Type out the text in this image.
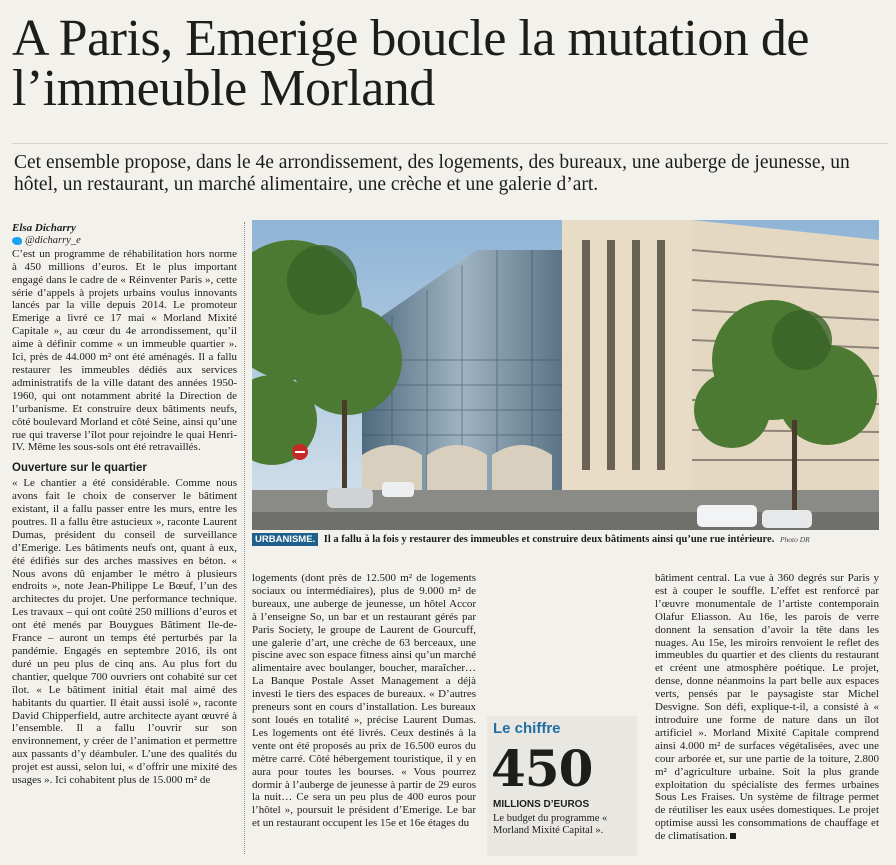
A Paris, Emerige boucle la mutation de l’immeuble Morland

Cet ensemble propose, dans le 4e arrondissement, des logements, des bureaux, une auberge de jeunesse, un hôtel, un restaurant, un marché alimentaire, une crèche et une galerie d’art.

Elsa Dicharry

@dicharry_e

C’est un programme de réhabilitation hors norme à 450 millions d’euros. Et le plus important engagé dans le cadre de « Réinventer Paris », cette série d’appels à projets urbains voulus innovants lancés par la ville depuis 2014. Le promoteur Emerige a livré ce 17 mai « Morland Mixité Capitale », au cœur du 4e arrondissement, qu’il aime à définir comme « un immeuble quartier ». Ici, près de 44.000 m² ont été aménagés. Il a fallu restaurer les immeubles dédiés aux services administratifs de la ville datant des années 1950-1960, qui ont notamment abrité la Direction de l’urbanisme. Et construire deux bâtiments neufs, côté boulevard Morland et côté Seine, ainsi qu’une rue qui traverse l’îlot pour rejoindre le quai Henri-IV. Même les sous-sols ont été retravaillés.

Ouverture sur le quartier

« Le chantier a été considérable. Comme nous avons fait le choix de conserver le bâtiment existant, il a fallu passer entre les murs, entre les poutres. Il a fallu être astucieux », raconte Laurent Dumas, président du conseil de surveillance d’Emerige. Les bâtiments neufs ont, quant à eux, été édifiés sur des arches massives en béton. « Nous avons dû enjamber le métro à plusieurs endroits », note Jean-Philippe Le Bœuf, l’un des architectes du projet. Une performance technique. Les travaux – qui ont coûté 250 millions d’euros et ont été menés par Bouygues Bâtiment Ile-de-France – auront un temps été perturbés par la pandémie. Engagés en septembre 2016, ils ont duré un peu plus de cinq ans. Au plus fort du chantier, quelque 700 ouvriers ont cohabité sur cet îlot. « Le bâtiment initial était mal aimé des habitants du quartier. Il était aussi isolé », raconte David Chipperfield, autre architecte ayant œuvré à l’ensemble. Il a fallu l’ouvrir sur son environnement, y créer de l’animation et permettre aux passants d’y déambuler. L’une des qualités du projet est aussi, selon lui, « d’offrir une mixité des usages ». Ici cohabitent plus de 15.000 m² de

URBANISME. Il a fallu à la fois y restaurer des immeubles et construire deux bâtiments ainsi qu’une rue intérieure. Photo DR

logements (dont près de 12.500 m² de logements sociaux ou intermédiaires), plus de 9.000 m² de bureaux, une auberge de jeunesse, un hôtel Accor à l’enseigne So, un bar et un restaurant gérés par Paris Society, le groupe de Laurent de Gourcuff, une galerie d’art, une crèche de 63 berceaux, une piscine avec son espace fitness ainsi qu’un marché alimentaire avec boulanger, boucher, maraîcher… La Banque Postale Asset Management a déjà investi le tiers des espaces de bureaux. « D’autres preneurs sont en cours d’installation. Les bureaux sont loués en totalité », précise Laurent Dumas. Les logements ont été livrés. Ceux destinés à la vente ont été proposés au prix de 16.500 euros du mètre carré. Côté hébergement touristique, il y en aura pour toutes les bourses. « Vous pourrez dormir à l’auberge de jeunesse à partir de 29 euros la nuit… Ce sera un peu plus de 400 euros pour l’hôtel », poursuit le président d’Emerige. Le bar et un restaurant occupent les 15e et 16e étages du

Le chiffre
450
MILLIONS D’EUROS
Le budget du programme « Morland Mixité Capital ».

bâtiment central. La vue à 360 degrés sur Paris y est à couper le souffle. L’effet est renforcé par l’œuvre monumentale de l’artiste contemporain Olafur Eliasson. Au 16e, les parois de verre donnent la sensation d’avoir la tête dans les nuages. Au 15e, les miroirs renvoient le reflet des immeubles du quartier et des clients du restaurant et créent une atmosphère poétique. Le projet, dense, donne néanmoins la part belle aux espaces verts, pensés par le paysagiste star Michel Desvigne. Son défi, explique-t-il, a consisté à « introduire une forme de nature dans un îlot artificiel ». Morland Mixité Capitale comprend ainsi 4.000 m² de surfaces végétalisées, avec une cour arborée et, sur une partie de la toiture, 2.800 m² d’agriculture urbaine. Soit la plus grande exploitation du spécialiste des fermes urbaines Sous Les Fraises. Un système de filtrage permet de réutiliser les eaux usées domestiques. Le projet optimise aussi les consommations de chauffage et de climatisation.
